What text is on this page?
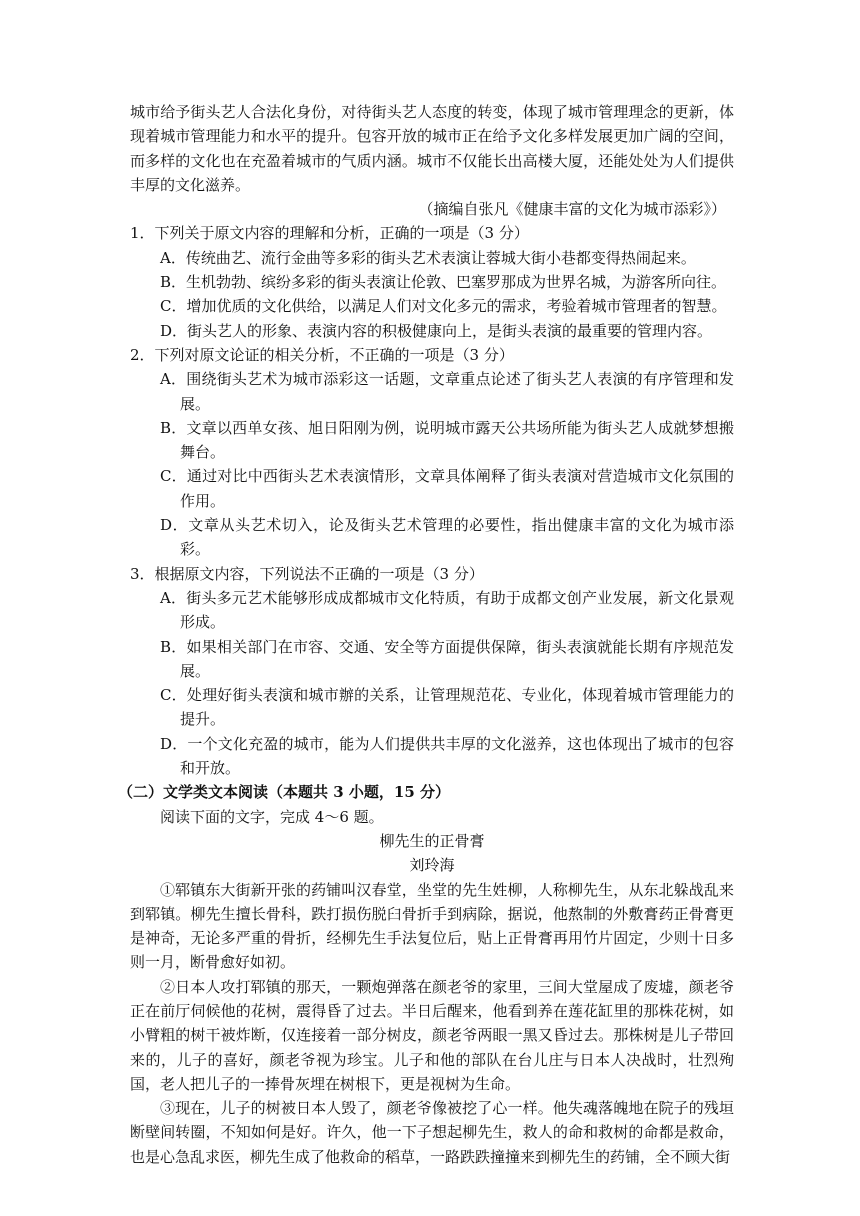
城市给予街头艺人合法化身份，对待街头艺人态度的转变，体现了城市管理理念的更新，体现着城市管理能力和水平的提升。包容开放的城市正在给予文化多样发展更加广阔的空间，而多样的文化也在充盈着城市的气质内涵。城市不仅能长出高楼大厦，还能处处为人们提供丰厚的文化滋养。

（摘编自张凡《健康丰富的文化为城市添彩》）

1．下列关于原文内容的理解和分析，正确的一项是（3 分）

A．传统曲艺、流行金曲等多彩的街头艺术表演让蓉城大街小巷都变得热闹起来。

B．生机勃勃、缤纷多彩的街头表演让伦敦、巴塞罗那成为世界名城，为游客所向往。

C．增加优质的文化供给，以满足人们对文化多元的需求，考验着城市管理者的智慧。

D．街头艺人的形象、表演内容的积极健康向上，是街头表演的最重要的管理内容。

2．下列对原文论证的相关分析，不正确的一项是（3 分）

A．围绕街头艺术为城市添彩这一话题，文章重点论述了街头艺人表演的有序管理和发展。

B．文章以西单女孩、旭日阳刚为例，说明城市露天公共场所能为街头艺人成就梦想搬舞台。

C．通过对比中西街头艺术表演情形，文章具体阐释了街头表演对营造城市文化氛围的作用。

D．文章从头艺术切入，论及街头艺术管理的必要性，指出健康丰富的文化为城市添彩。

3．根据原文内容，下列说法不正确的一项是（3 分）

A．街头多元艺术能够形成成都城市文化特质，有助于成都文创产业发展，新文化景观形成。

B．如果相关部门在市容、交通、安全等方面提供保障，街头表演就能长期有序规范发展。

C．处理好街头表演和城市辦的关系，让管理规范花、专业化，体现着城市管理能力的提升。

D．一个文化充盈的城市，能为人们提供共丰厚的文化滋养，这也体现出了城市的包容和开放。

（二）文学类文本阅读（本题共 3 小题，15 分）

阅读下面的文字，完成 4～6 题。

柳先生的正骨膏

刘玲海

①郓镇东大街新开张的药铺叫汉春堂，坐堂的先生姓柳，人称柳先生，从东北躲战乱来到郓镇。柳先生擅长骨科，跌打损伤脱臼骨折手到病除，据说，他熬制的外敷膏药正骨膏更是神奇，无论多严重的骨折，经柳先生手法复位后，贴上正骨膏再用竹片固定，少则十日多则一月，断骨愈好如初。

②日本人攻打郓镇的那天，一颗炮弹落在颜老爷的家里，三间大堂屋成了废墟，颜老爷正在前厅伺候他的花树，震得昏了过去。半日后醒来，他看到养在莲花缸里的那株花树，如小臂粗的树干被炸断，仅连接着一部分树皮，颜老爷两眼一黑又昏过去。那株树是儿子带回来的，儿子的喜好，颜老爷视为珍宝。儿子和他的部队在台儿庄与日本人决战时，壮烈殉国，老人把儿子的一捧骨灰埋在树根下，更是视树为生命。

③现在，儿子的树被日本人毁了，颜老爷像被挖了心一样。他失魂落魄地在院子的残垣断壁间转圈，不知如何是好。许久，他一下子想起柳先生，救人的命和救树的命都是救命，也是心急乱求医，柳先生成了他救命的稻草，一路跌跌撞撞来到柳先生的药铺，全不顾大街
